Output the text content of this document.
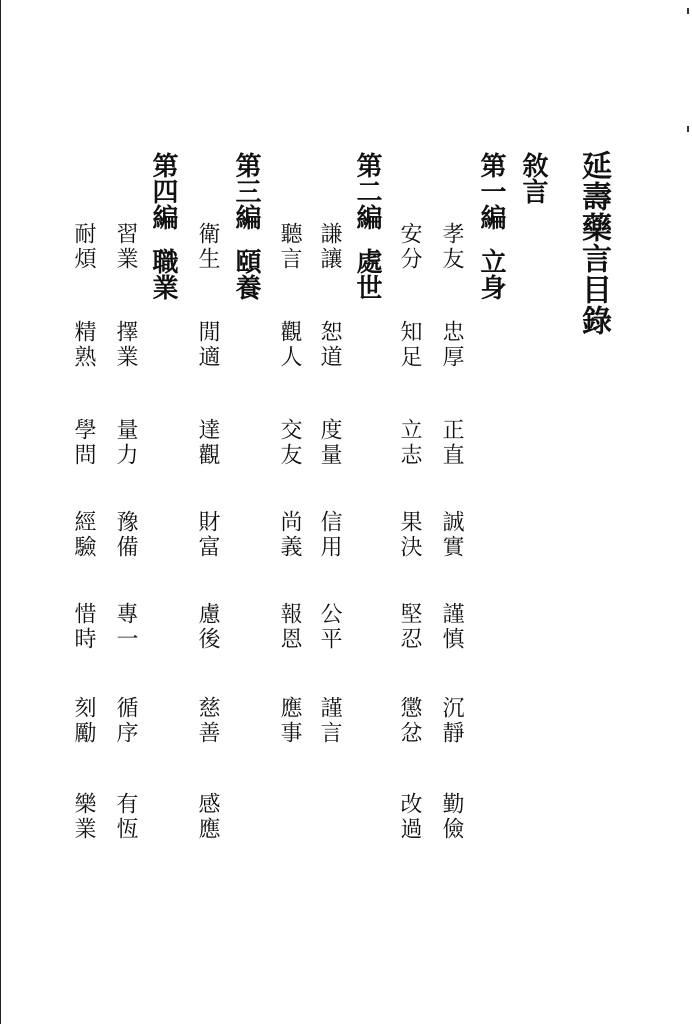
延壽藥言目錄
敘言
第一編立身
第二編處世
第三編頤養
第四編職業
孝友
忠厚
正直
誠實
謹慎
沉靜
勤儉
安分
知足
立志
果決
堅忍
懲忿
改過
謙讓
恕道
度量
信用
公平
謹言
聽言
觀人
交友
尚義
報恩
應事
衛生
閒適
達觀
財富
慮後
慈善
感應
習業
擇業
量力
豫備
專一
循序
有恆
耐煩
精熟
學問
經驗
惜時
刻勵
樂業
